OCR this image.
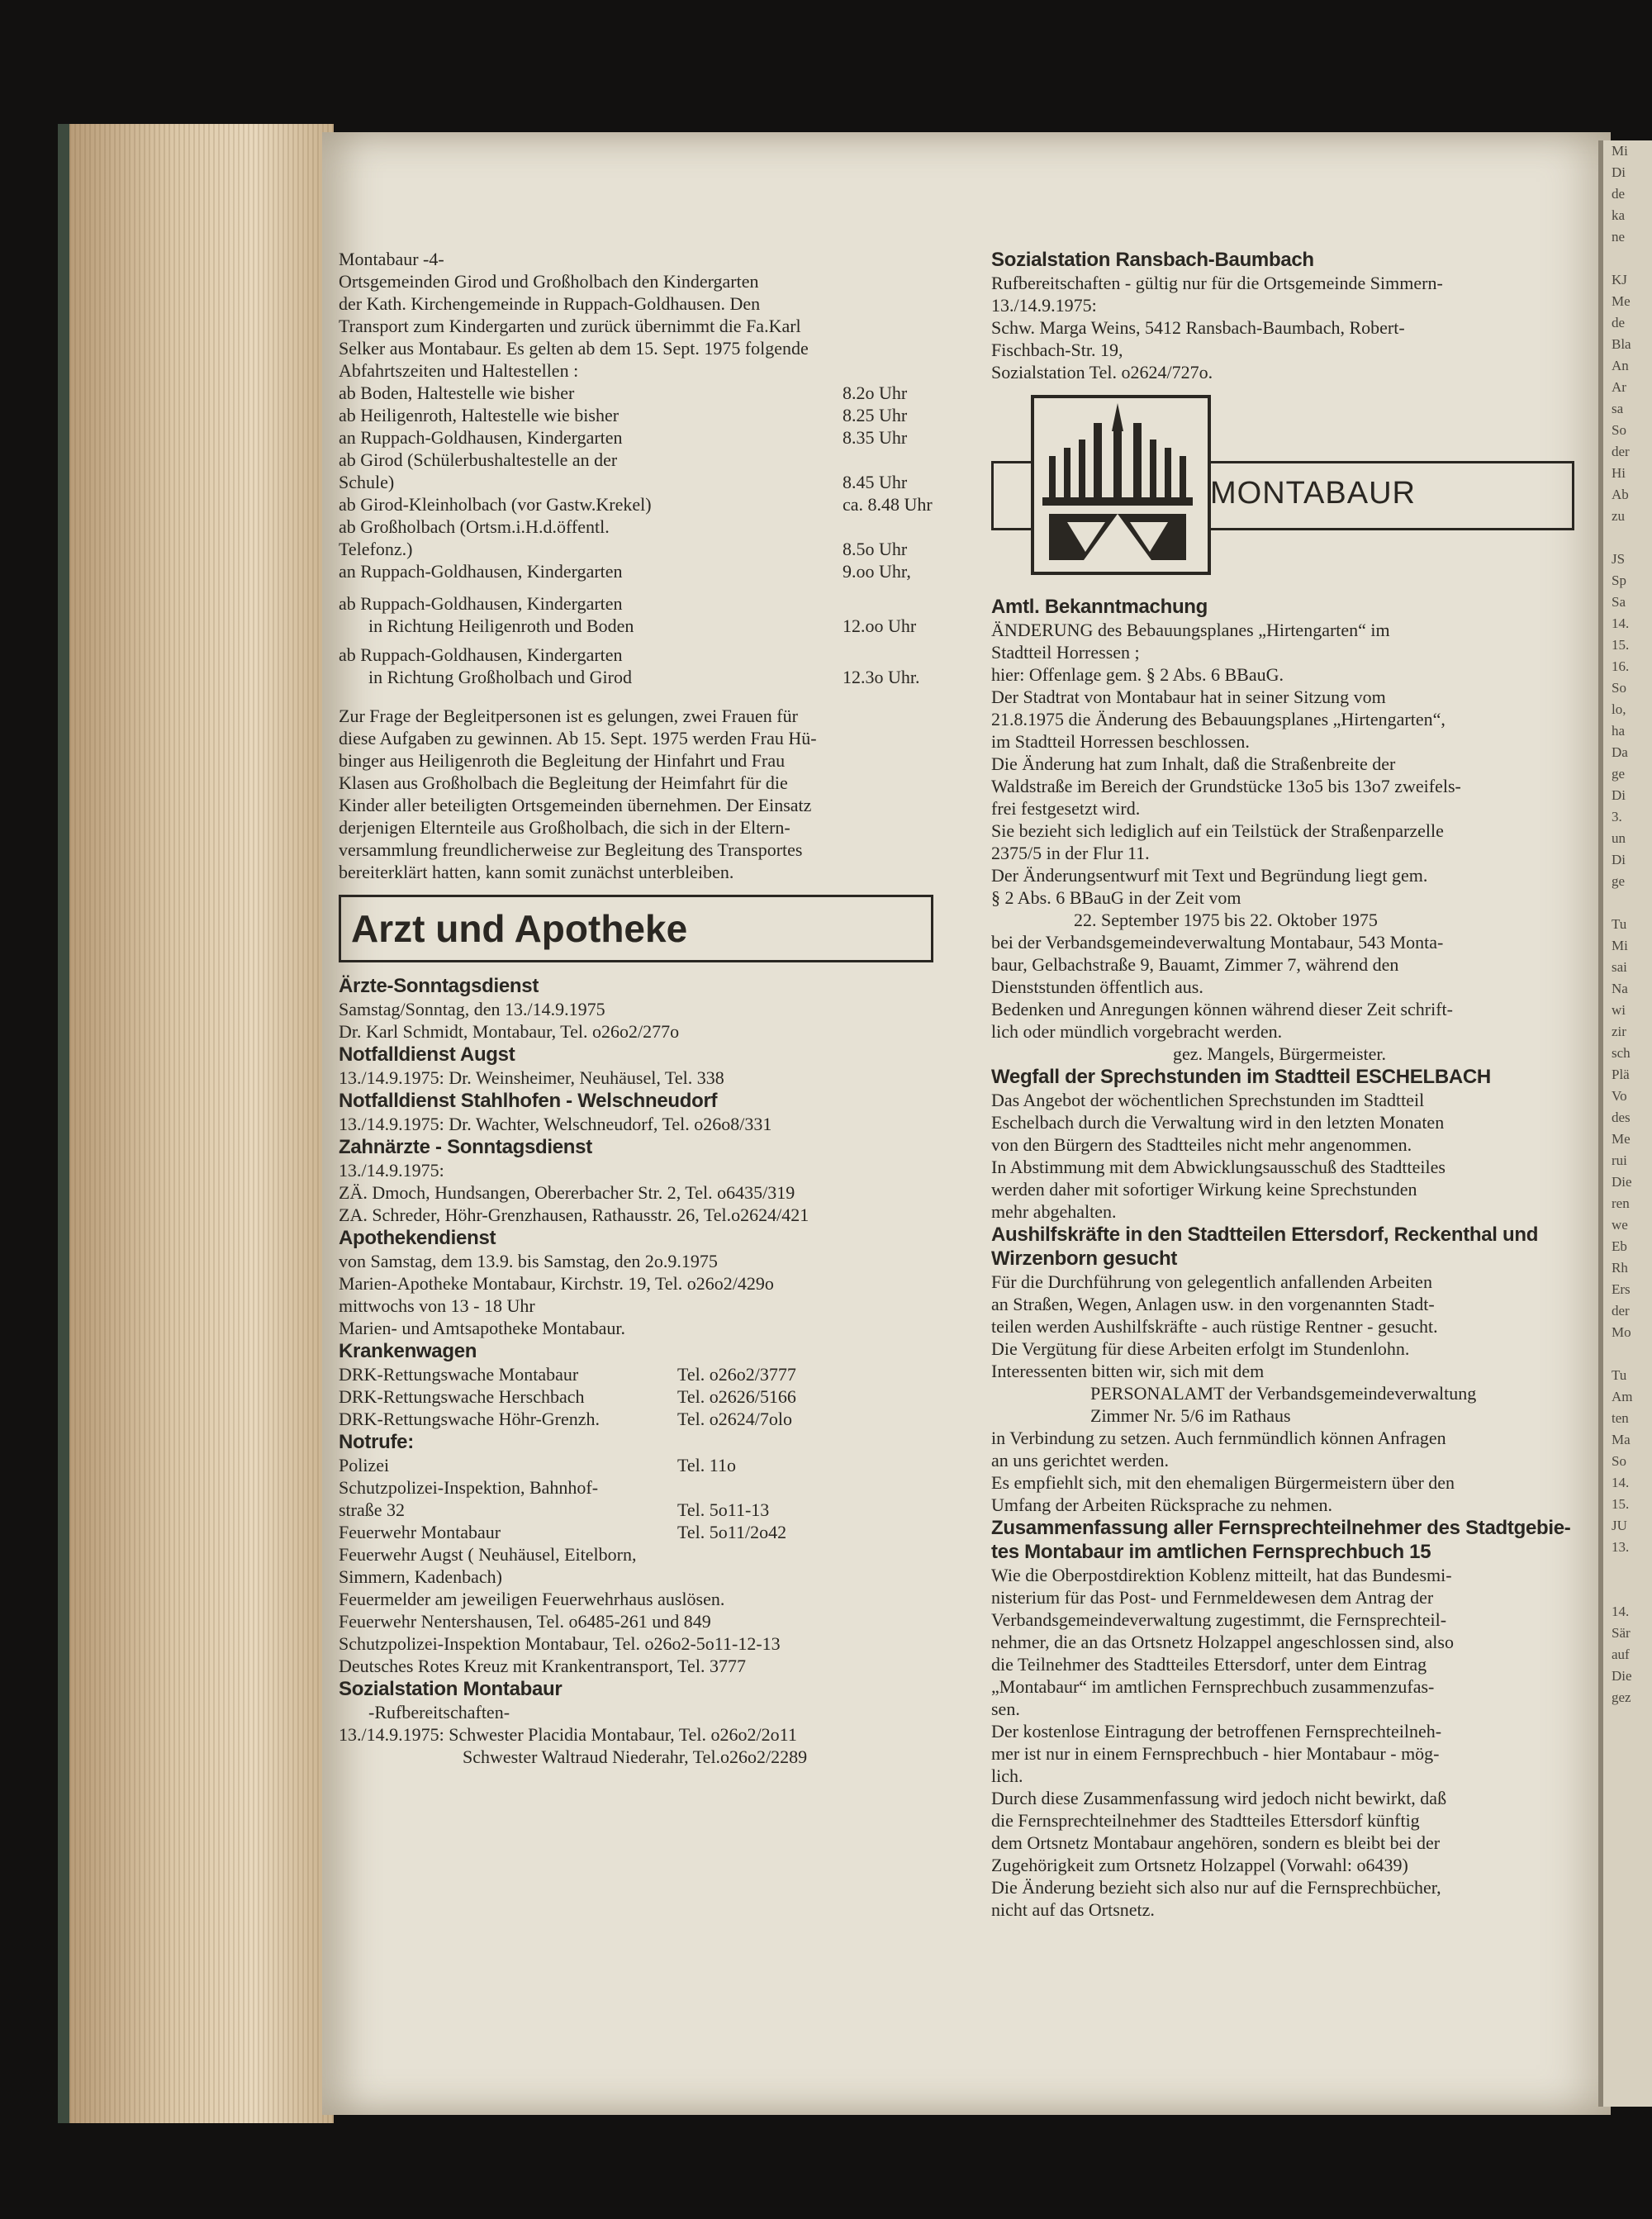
Mi
Di
de
ka
ne

KJ
Me
de
Bla
An
Ar
sa
So
der
Hi
Ab
zu

JS
Sp
Sa
14.
15.
16.
So
lo,
ha
Da
ge
Di
3.
un
Di
ge

Tu
Mi
sai
Na
wi
zir
sch
Plä
Vo
des
Me
rui
Die
ren
we
Eb
Rh
Ers
der
Mo

Tu
Am
ten
Ma
So
14.
15.
JU
13.

14.
Sär
auf
Die
gez

Montabaur -4-

Ortsgemeinden Girod und Großholbach den Kindergarten

der Kath. Kirchengemeinde in Ruppach-Goldhausen. Den

Transport zum Kindergarten und zurück übernimmt die Fa.Karl

Selker aus Montabaur. Es gelten ab dem 15. Sept. 1975 folgende

Abfahrtszeiten und Haltestellen :

ab Boden, Haltestelle wie bisher	8.2o Uhr
ab Heiligenroth, Haltestelle wie bisher	8.25 Uhr
an Ruppach-Goldhausen, Kindergarten	8.35 Uhr
ab Girod (Schülerbushaltestelle an der
Schule)	8.45 Uhr
ab Girod-Kleinholbach (vor Gastw.Krekel)	ca. 8.48 Uhr
ab Großholbach (Ortsm.i.H.d.öffentl.
Telefonz.)	8.5o Uhr
an Ruppach-Goldhausen, Kindergarten	9.oo Uhr,

ab Ruppach-Goldhausen, Kindergarten

in Richtung Heiligenroth und Boden	12.oo Uhr

ab Ruppach-Goldhausen, Kindergarten

in Richtung Großholbach und Girod	12.3o Uhr.

Zur Frage der Begleitpersonen ist es gelungen, zwei Frauen für

diese Aufgaben zu gewinnen. Ab 15. Sept. 1975 werden Frau Hü-

binger aus Heiligenroth die Begleitung der Hinfahrt und Frau

Klasen aus Großholbach die Begleitung der Heimfahrt für die

Kinder aller beteiligten Ortsgemeinden übernehmen. Der Einsatz

derjenigen Elternteile aus Großholbach, die sich in der Eltern-

versammlung freundlicherweise zur Begleitung des Transportes

bereiterklärt hatten, kann somit zunächst unterbleiben.

Arzt und Apotheke

Ärzte-Sonntagsdienst

Samstag/Sonntag, den 13./14.9.1975

Dr. Karl Schmidt, Montabaur, Tel. o26o2/277o

Notfalldienst Augst

13./14.9.1975: Dr. Weinsheimer, Neuhäusel, Tel. 338

Notfalldienst Stahlhofen - Welschneudorf

13./14.9.1975: Dr. Wachter, Welschneudorf, Tel. o26o8/331

Zahnärzte - Sonntagsdienst

13./14.9.1975:

ZÄ. Dmoch, Hundsangen, Obererbacher Str. 2, Tel. o6435/319

ZA. Schreder, Höhr-Grenzhausen, Rathausstr. 26, Tel.o2624/421

Apothekendienst

von Samstag, dem 13.9. bis Samstag, den 2o.9.1975

Marien-Apotheke Montabaur, Kirchstr. 19, Tel. o26o2/429o

mittwochs von 13 - 18 Uhr

Marien- und Amtsapotheke Montabaur.

Krankenwagen

DRK-Rettungswache Montabaur	Tel. o26o2/3777
DRK-Rettungswache Herschbach	Tel. o2626/5166
DRK-Rettungswache Höhr-Grenzh.	Tel. o2624/7olo

Notrufe:

Polizei	Tel. 11o
Schutzpolizei-Inspektion, Bahnhof-
straße 32	Tel. 5o11-13
Feuerwehr Montabaur	Tel. 5o11/2o42
Feuerwehr Augst ( Neuhäusel, Eitelborn,
Simmern, Kadenbach)

Feuermelder am jeweiligen Feuerwehrhaus auslösen.

Feuerwehr Nentershausen, Tel. o6485-261 und 849

Schutzpolizei-Inspektion Montabaur, Tel. o26o2-5o11-12-13

Deutsches Rotes Kreuz mit Krankentransport, Tel. 3777

Sozialstation Montabaur

-Rufbereitschaften-

13./14.9.1975: Schwester Placidia Montabaur, Tel. o26o2/2o11

Schwester Waltraud Niederahr, Tel.o26o2/2289

Sozialstation Ransbach-Baumbach

Rufbereitschaften - gültig nur für die Ortsgemeinde Simmern-

13./14.9.1975:

Schw. Marga Weins, 5412 Ransbach-Baumbach, Robert-

Fischbach-Str. 19,

Sozialstation Tel. o2624/727o.

MONTABAUR

Amtl. Bekanntmachung

ÄNDERUNG des Bebauungsplanes „Hirtengarten“ im

Stadtteil Horressen ;

hier: Offenlage gem. § 2 Abs. 6 BBauG.

Der Stadtrat von Montabaur hat in seiner Sitzung vom

21.8.1975 die Änderung des Bebauungsplanes „Hirtengarten“,

im Stadtteil Horressen beschlossen.

Die Änderung hat zum Inhalt, daß die Straßenbreite der

Waldstraße im Bereich der Grundstücke 13o5 bis 13o7 zweifels-

frei festgesetzt wird.

Sie bezieht sich lediglich auf ein Teilstück der Straßenparzelle

2375/5 in der Flur 11.

Der Änderungsentwurf mit Text und Begründung liegt gem.

§ 2 Abs. 6 BBauG in der Zeit vom

22. September 1975 bis 22. Oktober 1975

bei der Verbandsgemeindeverwaltung Montabaur, 543 Monta-

baur, Gelbachstraße 9, Bauamt, Zimmer 7, während den

Dienststunden öffentlich aus.

Bedenken und Anregungen können während dieser Zeit schrift-

lich oder mündlich vorgebracht werden.

gez. Mangels, Bürgermeister.

Wegfall der Sprechstunden im Stadtteil ESCHELBACH

Das Angebot der wöchentlichen Sprechstunden im Stadtteil

Eschelbach durch die Verwaltung wird in den letzten Monaten

von den Bürgern des Stadtteiles nicht mehr angenommen.

In Abstimmung mit dem Abwicklungsausschuß des Stadtteiles

werden daher mit sofortiger Wirkung keine Sprechstunden

mehr abgehalten.

Aushilfskräfte in den Stadtteilen Ettersdorf, Reckenthal und

Wirzenborn gesucht

Für die Durchführung von gelegentlich anfallenden Arbeiten

an Straßen, Wegen, Anlagen usw. in den vorgenannten Stadt-

teilen werden Aushilfskräfte - auch rüstige Rentner - gesucht.

Die Vergütung für diese Arbeiten erfolgt im Stundenlohn.

Interessenten bitten wir, sich mit dem

PERSONALAMT der Verbandsgemeindeverwaltung

Zimmer Nr. 5/6 im Rathaus

in Verbindung zu setzen. Auch fernmündlich können Anfragen

an uns gerichtet werden.

Es empfiehlt sich, mit den ehemaligen Bürgermeistern über den

Umfang der Arbeiten Rücksprache zu nehmen.

Zusammenfassung aller Fernsprechteilnehmer des Stadtgebie-

tes Montabaur im amtlichen Fernsprechbuch 15

Wie die Oberpostdirektion Koblenz mitteilt, hat das Bundesmi-

nisterium für das Post- und Fernmeldewesen dem Antrag der

Verbandsgemeindeverwaltung zugestimmt, die Fernsprechteil-

nehmer, die an das Ortsnetz Holzappel angeschlossen sind, also

die Teilnehmer des Stadtteiles Ettersdorf, unter dem Eintrag

„Montabaur“ im amtlichen Fernsprechbuch zusammenzufas-

sen.

Der kostenlose Eintragung der betroffenen Fernsprechteilneh-

mer ist nur in einem Fernsprechbuch - hier Montabaur - mög-

lich.

Durch diese Zusammenfassung wird jedoch nicht bewirkt, daß

die Fernsprechteilnehmer des Stadtteiles Ettersdorf künftig

dem Ortsnetz Montabaur angehören, sondern es bleibt bei der

Zugehörigkeit zum Ortsnetz Holzappel (Vorwahl: o6439)

Die Änderung bezieht sich also nur auf die Fernsprechbücher,

nicht auf das Ortsnetz.
